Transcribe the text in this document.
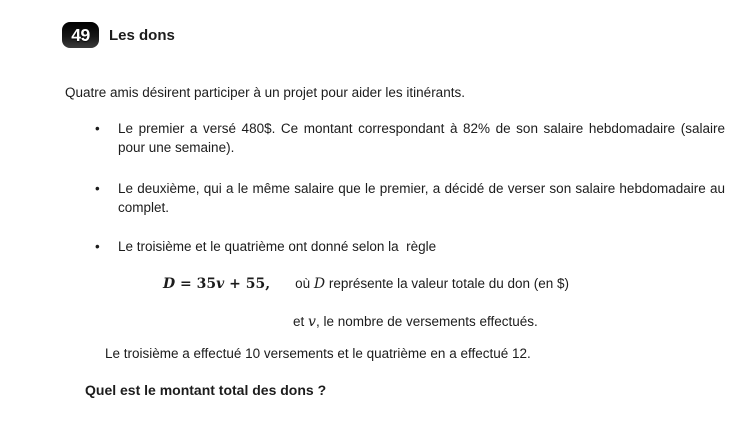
49	Les dons

Quatre amis désirent participer à un projet pour aider les itinérants.

•	Le premier a versé 480$. Ce montant correspondant à 82% de son salaire hebdomadaire (salaire pour une semaine).
•	Le deuxième, qui a le même salaire que le premier, a décidé de verser son salaire hebdomadaire au complet.
•	Le troisième et le quatrième ont donné selon la  règle
D = 35v + 55, où D représente la valeur totale du don (en $)
et v, le nombre de versements effectués.

Le troisième a effectué 10 versements et le quatrième en a effectué 12.

Quel est le montant total des dons ?
